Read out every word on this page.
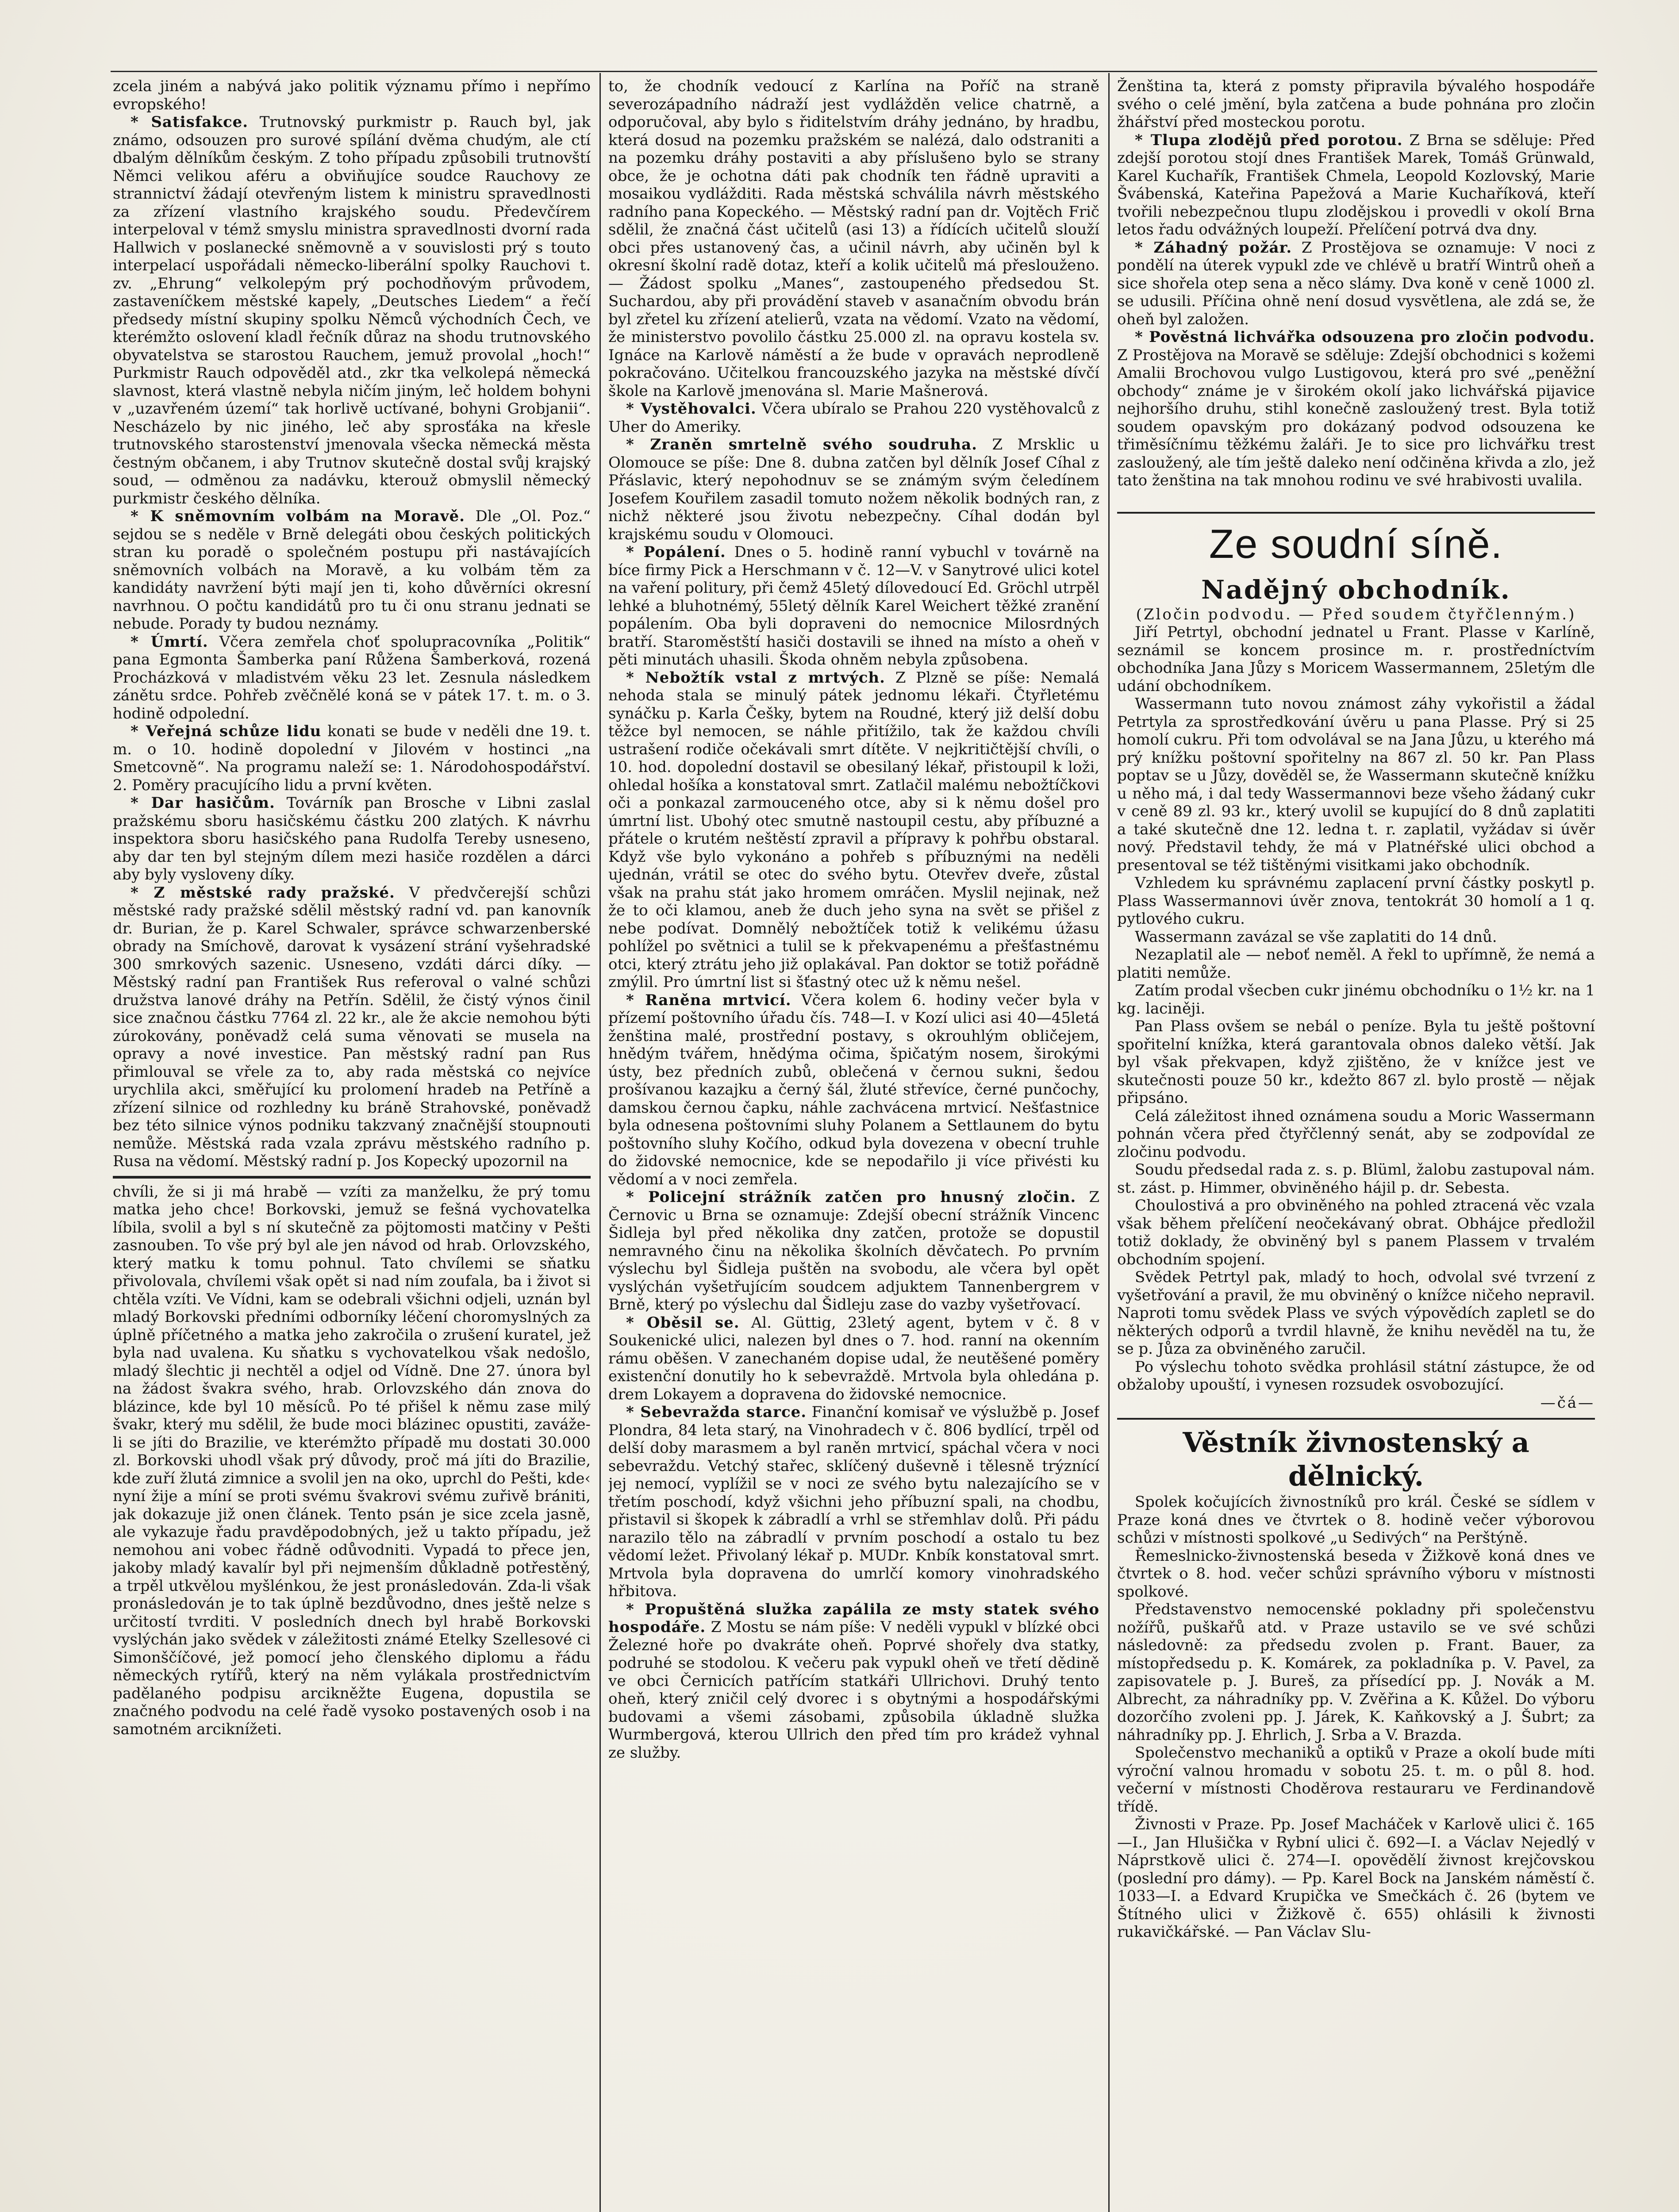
zcela jiném a nabývá jako politik významu přímo i nepřímo evropského!

* Satisfakce. Trutnovský purkmistr p. Rauch byl, jak známo, odsouzen pro surové spílání dvěma chudým, ale ctí dbalým dělníkům českým. Z toho případu způsobili trutnovští Němci velikou aféru a obviňujíce soudce Rauchovy ze strannictví žádají otevřeným listem k ministru spravedlnosti za zřízení vlastního krajského soudu. Předevčírem interpeloval v témž smyslu ministra spravedlnosti dvorní rada Hallwich v poslanecké sněmovně a v souvislosti prý s touto interpelací uspořádali německo-liberální spolky Rauchovi t. zv. „Ehrung“ velkolepým prý pochodňovým průvodem, zastaveníčkem městské kapely, „Deutsches Liedem“ a řečí předsedy místní skupiny spolku Němců východních Čech, ve kterémžto oslovení kladl řečník důraz na shodu trutnovského obyvatelstva se starostou Rauchem, jemuž provolal „hoch!“ Purkmistr Rauch odpověděl atd., zkr tka velkolepá německá slavnost, která vlastně nebyla ničím jiným, leč holdem bohyni v „uzavřeném území“ tak horlivě uctívané, bohyni Grobjanii“. Nescházelo by nic jiného, leč aby sprosťáka na křesle trutnovského starostenství jmenovala všecka německá města čestným občanem, i aby Trutnov skutečně dostal svůj krajský soud, — odměnou za nadávku, kterouž obmyslil německý purkmistr českého dělníka.

* K sněmovním volbám na Moravě. Dle „Ol. Poz.“ sejdou se s neděle v Brně delegáti obou českých politických stran ku poradě o společném postupu při nastávajících sněmovních volbách na Moravě, a ku volbám těm za kandidáty navržení býti mají jen ti, koho důvěrníci okresní navrhnou. O počtu kandidátů pro tu či onu stranu jednati se nebude. Porady ty budou neznámy.

* Úmrtí. Včera zemřela choť spolupracovníka „Politik“ pana Egmonta Šamberka paní Růžena Šamberková, rozená Procházková v mladistvém věku 23 let. Zesnula následkem zánětu srdce. Pohřeb zvěčnělé koná se v pátek 17. t. m. o 3. hodině odpolední.

* Veřejná schůze lidu konati se bude v neděli dne 19. t. m. o 10. hodině dopolední v Jilovém v hostinci „na Smetcovně“. Na programu naleží se: 1. Národohospodářství. 2. Poměry pracujícího lidu a první květen.

* Dar hasičům. Továrník pan Brosche v Libni zaslal pražskému sboru hasičskému částku 200 zlatých. K návrhu inspektora sboru hasičského pana Rudolfa Tereby usneseno, aby dar ten byl stejným dílem mezi hasiče rozdělen a dárci aby byly vysloveny díky.

* Z městské rady pražské. V předvčerejší schůzi městské rady pražské sdělil městský radní vd. pan kanovník dr. Burian, že p. Karel Schwaler, správce schwarzenberské obrady na Smíchově, darovat k vysázení strání vyšehradské 300 smrkových sazenic. Usneseno, vzdáti dárci díky. — Městský radní pan František Rus referoval o valné schůzi družstva lanové dráhy na Petřín. Sdělil, že čistý výnos činil sice značnou částku 7764 zl. 22 kr., ale že akcie nemohou býti zúrokovány, poněvadž celá suma věnovati se musela na opravy a nové investice. Pan městský radní pan Rus přimlouval se vřele za to, aby rada městská co nejvíce urychlila akci, směřující ku prolomení hradeb na Petříně a zřízení silnice od rozhledny ku bráně Strahovské, poněvadž bez této silnice výnos podniku takzvaný značnější stoupnouti nemůže. Městská rada vzala zprávu městského radního p. Rusa na vědomí. Městský radní p. Jos Kopecký upozornil na

chvíli, že si ji má hrabě — vzíti za manželku, že prý tomu matka jeho chce! Borkovski, jemuž se fešná vychovatelka líbila, svolil a byl s ní skutečně za pöjtomosti matčiny v Pešti zasnouben. To vše prý byl ale jen návod od hrab. Orlovzského, který matku k tomu pohnul. Tato chvílemi se sňatku přivolovala, chvílemi však opět si nad ním zoufala, ba i život si chtěla vzíti. Ve Vídni, kam se odebrali všichni odjeli, uznán byl mladý Borkovski předními odborníky léčení choromyslných za úplně příčetného a matka jeho zakročila o zrušení kuratel, jež byla nad uvalena. Ku sňatku s vychovatelkou však nedošlo, mladý šlechtic ji nechtěl a odjel od Vídně. Dne 27. února byl na žádost švakra svého, hrab. Orlovzského dán znova do blázince, kde byl 10 měsíců. Po té přišel k němu zase milý švakr, který mu sdělil, že bude moci blázinec opustiti, zaváže-li se jíti do Brazilie, ve kterémžto případě mu dostati 30.000 zl. Borkovski uhodl však prý důvody, proč má jíti do Brazilie, kde zuří žlutá zimnice a svolil jen na oko, uprchl do Pešti, kde‹ nyní žije a míní se proti svému švakrovi svému zuřivě brániti, jak dokazuje již onen článek. Tento psán je sice zcela jasně, ale vykazuje řadu pravděpodobných, jež u takto případu, jež nemohou ani vobec řádně odůvodniti. Vypadá to přece jen, jakoby mladý kavalír byl při nejmenším důkladně potřestěný, a trpěl utkvělou myšlénkou, že jest pronásledován. Zda-li však pronásledován je to tak úplně bezdůvodno, dnes ještě nelze s určitostí tvrditi. V posledních dnech byl hrabě Borkovski vyslýchán jako svědek v záležitosti známé Etelky Szellesové ci Simonščíčové, jež pomocí jeho členského diplomu a řádu německých rytířů, který na něm vylákala prostřednictvím padělaného podpisu arcikněžte Eugena, dopustila se značného podvodu na celé řadě vysoko postavených osob i na samotném arciknížeti.

to, že chodník vedoucí z Karlína na Poříč na straně severozápadního nádraží jest vydlážděn velice chatrně, a odporučoval, aby bylo s řiditelstvím dráhy jednáno, by hradbu, která dosud na pozemku pražském se nalézá, dalo odstraniti a na pozemku dráhy postaviti a aby příslušeno bylo se strany obce, že je ochotna dáti pak chodník ten řádně upraviti a mosaikou vydlážditi. Rada městská schválila návrh městského radního pana Kopeckého. — Městský radní pan dr. Vojtěch Frič sdělil, že značná část učitelů (asi 13) a řídících učitelů slouží obci přes ustanovený čas, a učinil návrh, aby učiněn byl k okresní školní radě dotaz, kteří a kolik učitelů má přeslouženo. — Žádost spolku „Manes“, zastoupeného předsedou St. Suchardou, aby při provádění staveb v asanačním obvodu brán byl zřetel ku zřízení atelierů, vzata na vědomí. Vzato na vědomí, že ministerstvo povolilo částku 25.000 zl. na opravu kostela sv. Ignáce na Karlově náměstí a že bude v opravách neprodleně pokračováno. Učitelkou francouzského jazyka na městské dívčí škole na Karlově jmenována sl. Marie Mašnerová.

* Vystěhovalci. Včera ubíralo se Prahou 220 vystěhovalců z Uher do Ameriky.

* Zraněn smrtelně svého soudruha. Z Mrsklic u Olomouce se píše: Dne 8. dubna zatčen byl dělník Josef Cíhal z Přáslavic, který nepohodnuv se se známým svým čeledínem Josefem Kouřilem zasadil tomuto nožem několik bodných ran, z nichž některé jsou životu nebezpečny. Cíhal dodán byl krajskému soudu v Olomouci.

* Popálení. Dnes o 5. hodině ranní vybuchl v továrně na bíce firmy Pick a Herschmann v č. 12—V. v Sanytrové ulici kotel na vaření politury, při čemž 45letý dílovedoucí Ed. Gröchl utrpěl lehké a bluhotnémý, 55letý dělník Karel Weichert těžké zranění popálením. Oba byli dopraveni do nemocnice Milosrdných bratří. Staroměstští hasiči dostavili se ihned na místo a oheň v pěti minutách uhasili. Škoda ohněm nebyla způsobena.

* Nebožtík vstal z mrtvých. Z Plzně se píše: Nemalá nehoda stala se minulý pátek jednomu lékaři. Čtyřletému synáčku p. Karla Češky, bytem na Roudné, který již delší dobu těžce byl nemocen, se náhle přitížilo, tak že každou chvíli ustrašení rodiče očekávali smrt dítěte. V nejkritičtější chvíli, o 10. hod. dopolední dostavil se obesilaný lékař, přistoupil k loži, ohledal hošíka a konstatoval smrt. Zatlačil malému nebožtíčkovi oči a ponkazal zarmouceného otce, aby si k němu došel pro úmrtní list. Ubohý otec smutně nastoupil cestu, aby příbuzné a přátele o krutém neštěstí zpravil a přípravy k pohřbu obstaral. Když vše bylo vykonáno a pohřeb s příbuznými na neděli ujednán, vrátil se otec do svého bytu. Otevřev dveře, zůstal však na prahu stát jako hromem omráčen. Myslil nejinak, než že to oči klamou, aneb že duch jeho syna na svět se přišel z nebe podívat. Domnělý nebožtíček totiž k velikému úžasu pohlížel po světnici a tulil se k překvapenému a přešťastnému otci, který ztrátu jeho již oplakával. Pan doktor se totiž pořádně zmýlil. Pro úmrtní list si šťastný otec už k němu nešel.

* Raněna mrtvicí. Včera kolem 6. hodiny večer byla v přízemí poštovního úřadu čís. 748—I. v Kozí ulici asi 40—45letá ženština malé, prostřední postavy, s okrouhlým obličejem, hnědým tvářem, hnědýma očima, špičatým nosem, širokými ústy, bez předních zubů, oblečená v černou sukni, šedou prošívanou kazajku a černý šál, žluté střevíce, černé punčochy, damskou černou čapku, náhle zachvácena mrtvicí. Nešťastnice byla odnesena poštovními sluhy Polanem a Settlaunem do bytu poštovního sluhy Kočího, odkud byla dovezena v obecní truhle do židovské nemocnice, kde se nepodařilo ji více přivésti ku vědomí a v noci zemřela.

* Policejní strážník zatčen pro hnusný zločin. Z Černovic u Brna se oznamuje: Zdejší obecní strážník Vincenc Šidleja byl před několika dny zatčen, protože se dopustil nemravného činu na několika školních děvčatech. Po prvním výslechu byl Šidleja puštěn na svobodu, ale včera byl opět vyslýchán vyšetřujícím soudcem adjuktem Tannenbergrem v Brně, který po výslechu dal Šidleju zase do vazby vyšetřovací.

* Oběsil se. Al. Güttig, 23letý agent, bytem v č. 8 v Soukenické ulici, nalezen byl dnes o 7. hod. ranní na okenním rámu oběšen. V zanechaném dopise udal, že neutěšené poměry existenční donutily ho k sebevraždě. Mrtvola byla ohledána p. drem Lokayem a dopravena do židovské nemocnice.

* Sebevražda starce. Finanční komisař ve výslužbě p. Josef Plondra, 84 leta starý, na Vinohradech v č. 806 bydlící, trpěl od delší doby marasmem a byl raněn mrtvicí, spáchal včera v noci sebevraždu. Vetchý stařec, sklíčený duševně i tělesně trýznící jej nemocí, vyplížil se v noci ze svého bytu nalezajícího se v třetím poschodí, když všichni jeho příbuzní spali, na chodbu, přistavil si škopek k zábradlí a vrhl se střemhlav dolů. Při pádu narazilo tělo na zábradlí v prvním poschodí a ostalo tu bez vědomí ležet. Přivolaný lékař p. MUDr. Knbík konstatoval smrt. Mrtvola byla dopravena do umrlčí komory vinohradského hřbitova.

* Propuštěná služka zapálila ze msty statek svého hospodáře. Z Mostu se nám píše: V neděli vypukl v blízké obci Železné hoře po dvakráte oheň. Poprvé shořely dva statky, podruhé se stodolou. K večeru pak vypukl oheň ve třetí dědině ve obci Černicích patřícím statkáři Ullrichovi. Druhý tento oheň, který zničil celý dvorec i s obytnými a hospodářskými budovami a všemi zásobami, způsobila úkladně služka Wurmbergová, kterou Ullrich den před tím pro krádež vyhnal ze služby.

Ženština ta, která z pomsty připravila bývalého hospodáře svého o celé jmění, byla zatčena a bude pohnána pro zločin žhářství před mosteckou porotu.

* Tlupa zlodějů před porotou. Z Brna se sděluje: Před zdejší porotou stojí dnes František Marek, Tomáš Grünwald, Karel Kuchařík, František Chmela, Leopold Kozlovský, Marie Švábenská, Kateřina Papežová a Marie Kuchaříková, kteří tvořili nebezpečnou tlupu zlodějskou i provedli v okolí Brna letos řadu odvážných loupeží. Přelíčení potrvá dva dny.

* Záhadný požár. Z Prostějova se oznamuje: V noci z pondělí na úterek vypukl zde ve chlévě u bratří Wintrů oheň a sice shořela otep sena a něco slámy. Dva koně v ceně 1000 zl. se udusili. Příčina ohně není dosud vysvětlena, ale zdá se, že oheň byl založen.

* Pověstná lichvářka odsouzena pro zločin podvodu. Z Prostějova na Moravě se sděluje: Zdejší obchodnici s kožemi Amalii Brochovou vulgo Lustigovou, která pro své „peněžní obchody“ známe je v širokém okolí jako lichvářská pijavice nejhoršího druhu, stihl konečně zasloužený trest. Byla totiž soudem opavským pro dokázaný podvod odsouzena ke třiměsíčnímu těžkému žaláři. Je to sice pro lichvářku trest zasloužený, ale tím ještě daleko není odčiněna křivda a zlo, jež tato ženština na tak mnohou rodinu ve své hrabivosti uvalila.

Ze soudní síně.
Nadějný obchodník.
(Zločin podvodu. — Před soudem čtyřčlenným.)

Jiří Petrtyl, obchodní jednatel u Frant. Plasse v Karlíně, seznámil se koncem prosince m. r. prostředníctvím obchodníka Jana Jůzy s Moricem Wassermannem, 25letým dle udání obchodníkem.

Wassermann tuto novou známost záhy vykořistil a žádal Petrtyla za sprostředkování úvěru u pana Plasse. Prý si 25 homolí cukru. Při tom odvolával se na Jana Jůzu, u kterého má prý knížku poštovní spořitelny na 867 zl. 50 kr. Pan Plass poptav se u Jůzy, dověděl se, že Wassermann skutečně knížku u něho má, i dal tedy Wassermannovi beze všeho žádaný cukr v ceně 89 zl. 93 kr., který uvolil se kupující do 8 dnů zaplatiti a také skutečně dne 12. ledna t. r. zaplatil, vyžádav si úvěr nový. Představil tehdy, že má v Platnéřské ulici obchod a presentoval se též tištěnými visitkami jako obchodník.

Vzhledem ku správnému zaplacení první částky poskytl p. Plass Wassermannovi úvěr znova, tentokrát 30 homolí a 1 q. pytlového cukru.

Wassermann zavázal se vše zaplatiti do 14 dnů.

Nezaplatil ale — neboť neměl. A řekl to upřímně, že nemá a platiti nemůže.

Zatím prodal všecben cukr jinému obchodníku o 1½ kr. na 1 kg. laciněji.

Pan Plass ovšem se nebál o peníze. Byla tu ještě poštovní spořitelní knížka, která garantovala obnos daleko větší. Jak byl však překvapen, když zjištěno, že v knížce jest ve skutečnosti pouze 50 kr., kdežto 867 zl. bylo prostě — nějak připsáno.

Celá záležitost ihned oznámena soudu a Moric Wassermann pohnán včera před čtyřčlenný senát, aby se zodpovídal ze zločinu podvodu.

Soudu předsedal rada z. s. p. Blüml, žalobu zastupoval nám. st. zást. p. Himmer, obviněného hájil p. dr. Sebesta.

Choulostivá a pro obviněného na pohled ztracená věc vzala však během přelíčení neočekávaný obrat. Obhájce předložil totiž doklady, že obviněný byl s panem Plassem v trvalém obchodním spojení.

Svědek Petrtyl pak, mladý to hoch, odvolal své tvrzení z vyšetřování a pravil, že mu obviněný o knížce ničeho nepravil. Naproti tomu svědek Plass ve svých výpovědích zapletl se do některých odporů a tvrdil hlavně, že knihu nevěděl na tu, že se p. Jůza za obviněného zaručil.

Po výslechu tohoto svědka prohlásil státní zástupce, že od obžaloby upouští, i vynesen rozsudek osvobozující.

—čá—
Věstník živnostenský a dělnický.

Spolek kočujících živnostníků pro král. České se sídlem v Praze koná dnes ve čtvrtek o 8. hodině večer výborovou schůzi v místnosti spolkové „u Sedivých“ na Perštýně.

Řemeslnicko-živnostenská beseda v Žižkově koná dnes ve čtvrtek o 8. hod. večer schůzi správního výboru v místnosti spolkové.

Představenstvo nemocenské pokladny při společenstvu nožířů, puškařů atd. v Praze ustavilo se ve své schůzi následovně: za předsedu zvolen p. Frant. Bauer, za místopředsedu p. K. Komárek, za pokladníka p. V. Pavel, za zapisovatele p. J. Bureš, za přísedící pp. J. Novák a M. Albrecht, za náhradníky pp. V. Zvěřina a K. Kůžel. Do výboru dozorčího zvoleni pp. J. Járek, K. Kaňkovský a J. Šubrt; za náhradníky pp. J. Ehrlich, J. Srba a V. Brazda.

Společenstvo mechaniků a optiků v Praze a okolí bude míti výroční valnou hromadu v sobotu 25. t. m. o půl 8. hod. večerní v místnosti Choděrova restauraru ve Ferdinandově třídě.

Živnosti v Praze. Pp. Josef Macháček v Karlově ulici č. 165—I., Jan Hlušička v Rybní ulici č. 692—I. a Václav Nejedlý v Náprstkově ulici č. 274—I. opovědělí živnost krejčovskou (poslední pro dámy). — Pp. Karel Bock na Janském náměstí č. 1033—I. a Edvard Krupička ve Smečkách č. 26 (bytem ve Štítného ulici v Žižkově č. 655) ohlásili k živnosti rukavičkářské. — Pan Václav Slu-
